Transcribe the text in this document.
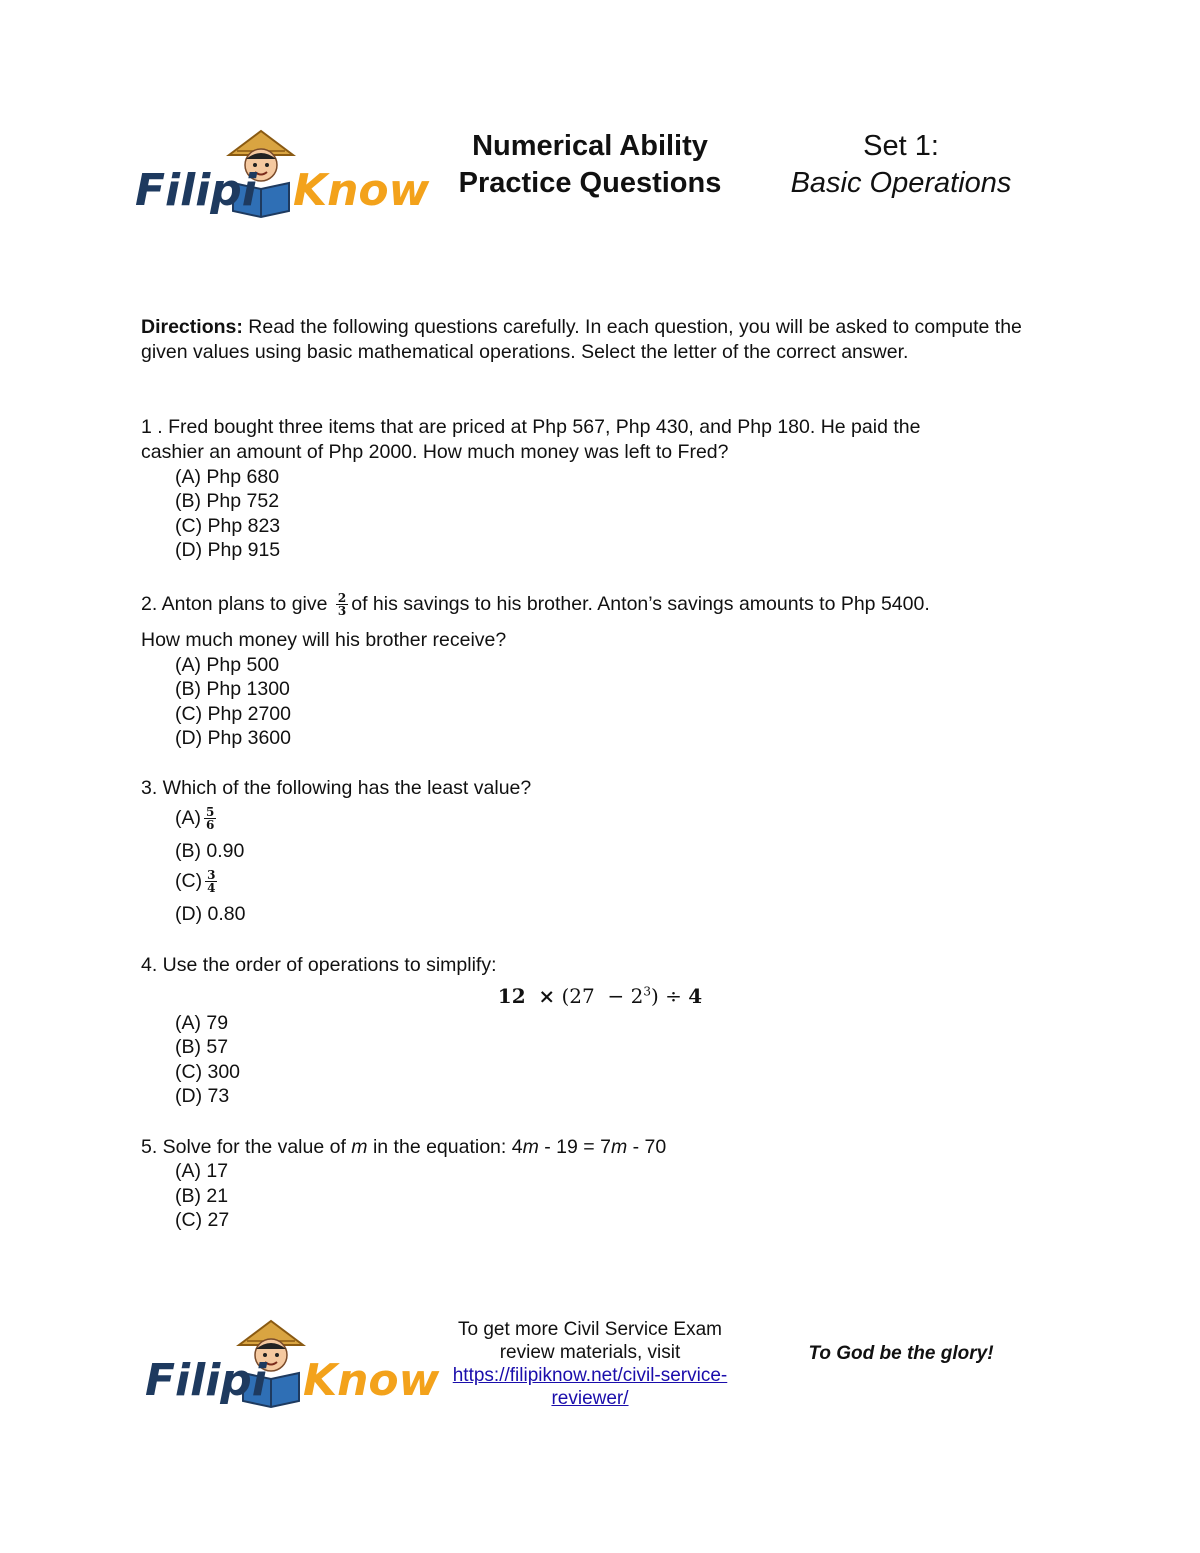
Filipi Know
Numerical Ability
Practice Questions
Set 1:
Basic Operations
Directions: Read the following questions carefully. In each question, you will be asked to compute the given values using basic mathematical operations. Select the letter of the correct answer.
1 . Fred bought three items that are priced at Php 567, Php 430, and Php 180. He paid the
cashier an amount of Php 2000. How much money was left to Fred?
(A) Php 680
(B) Php 752
(C) Php 823
(D) Php 915
2. Anton plans to give $\frac{2}{3}$ of his savings to his brother. Anton’s savings amounts to Php 5400.
How much money will his brother receive?
(A) Php 500
(B) Php 1300
(C) Php 2700
(D) Php 3600
3. Which of the following has the least value?
$(A) \frac{5}{6}$
(B) 0.90
$(C) \frac{3}{4}$
(D) 0.80
4. Use the order of operations to simplify:
$12 \times (27 - 2^3) \div 4$
(A) 79
(B) 57
(C) 300
(D) 73
5. Solve for the value of m in the equation: 4m - 19 = 7m - 70
(A) 17
(B) 21
(C) 27
Filipi Know
To get more Civil Service Exam
review materials, visit
https://filipiknow.net/civil-service-
reviewer/
To God be the glory!
